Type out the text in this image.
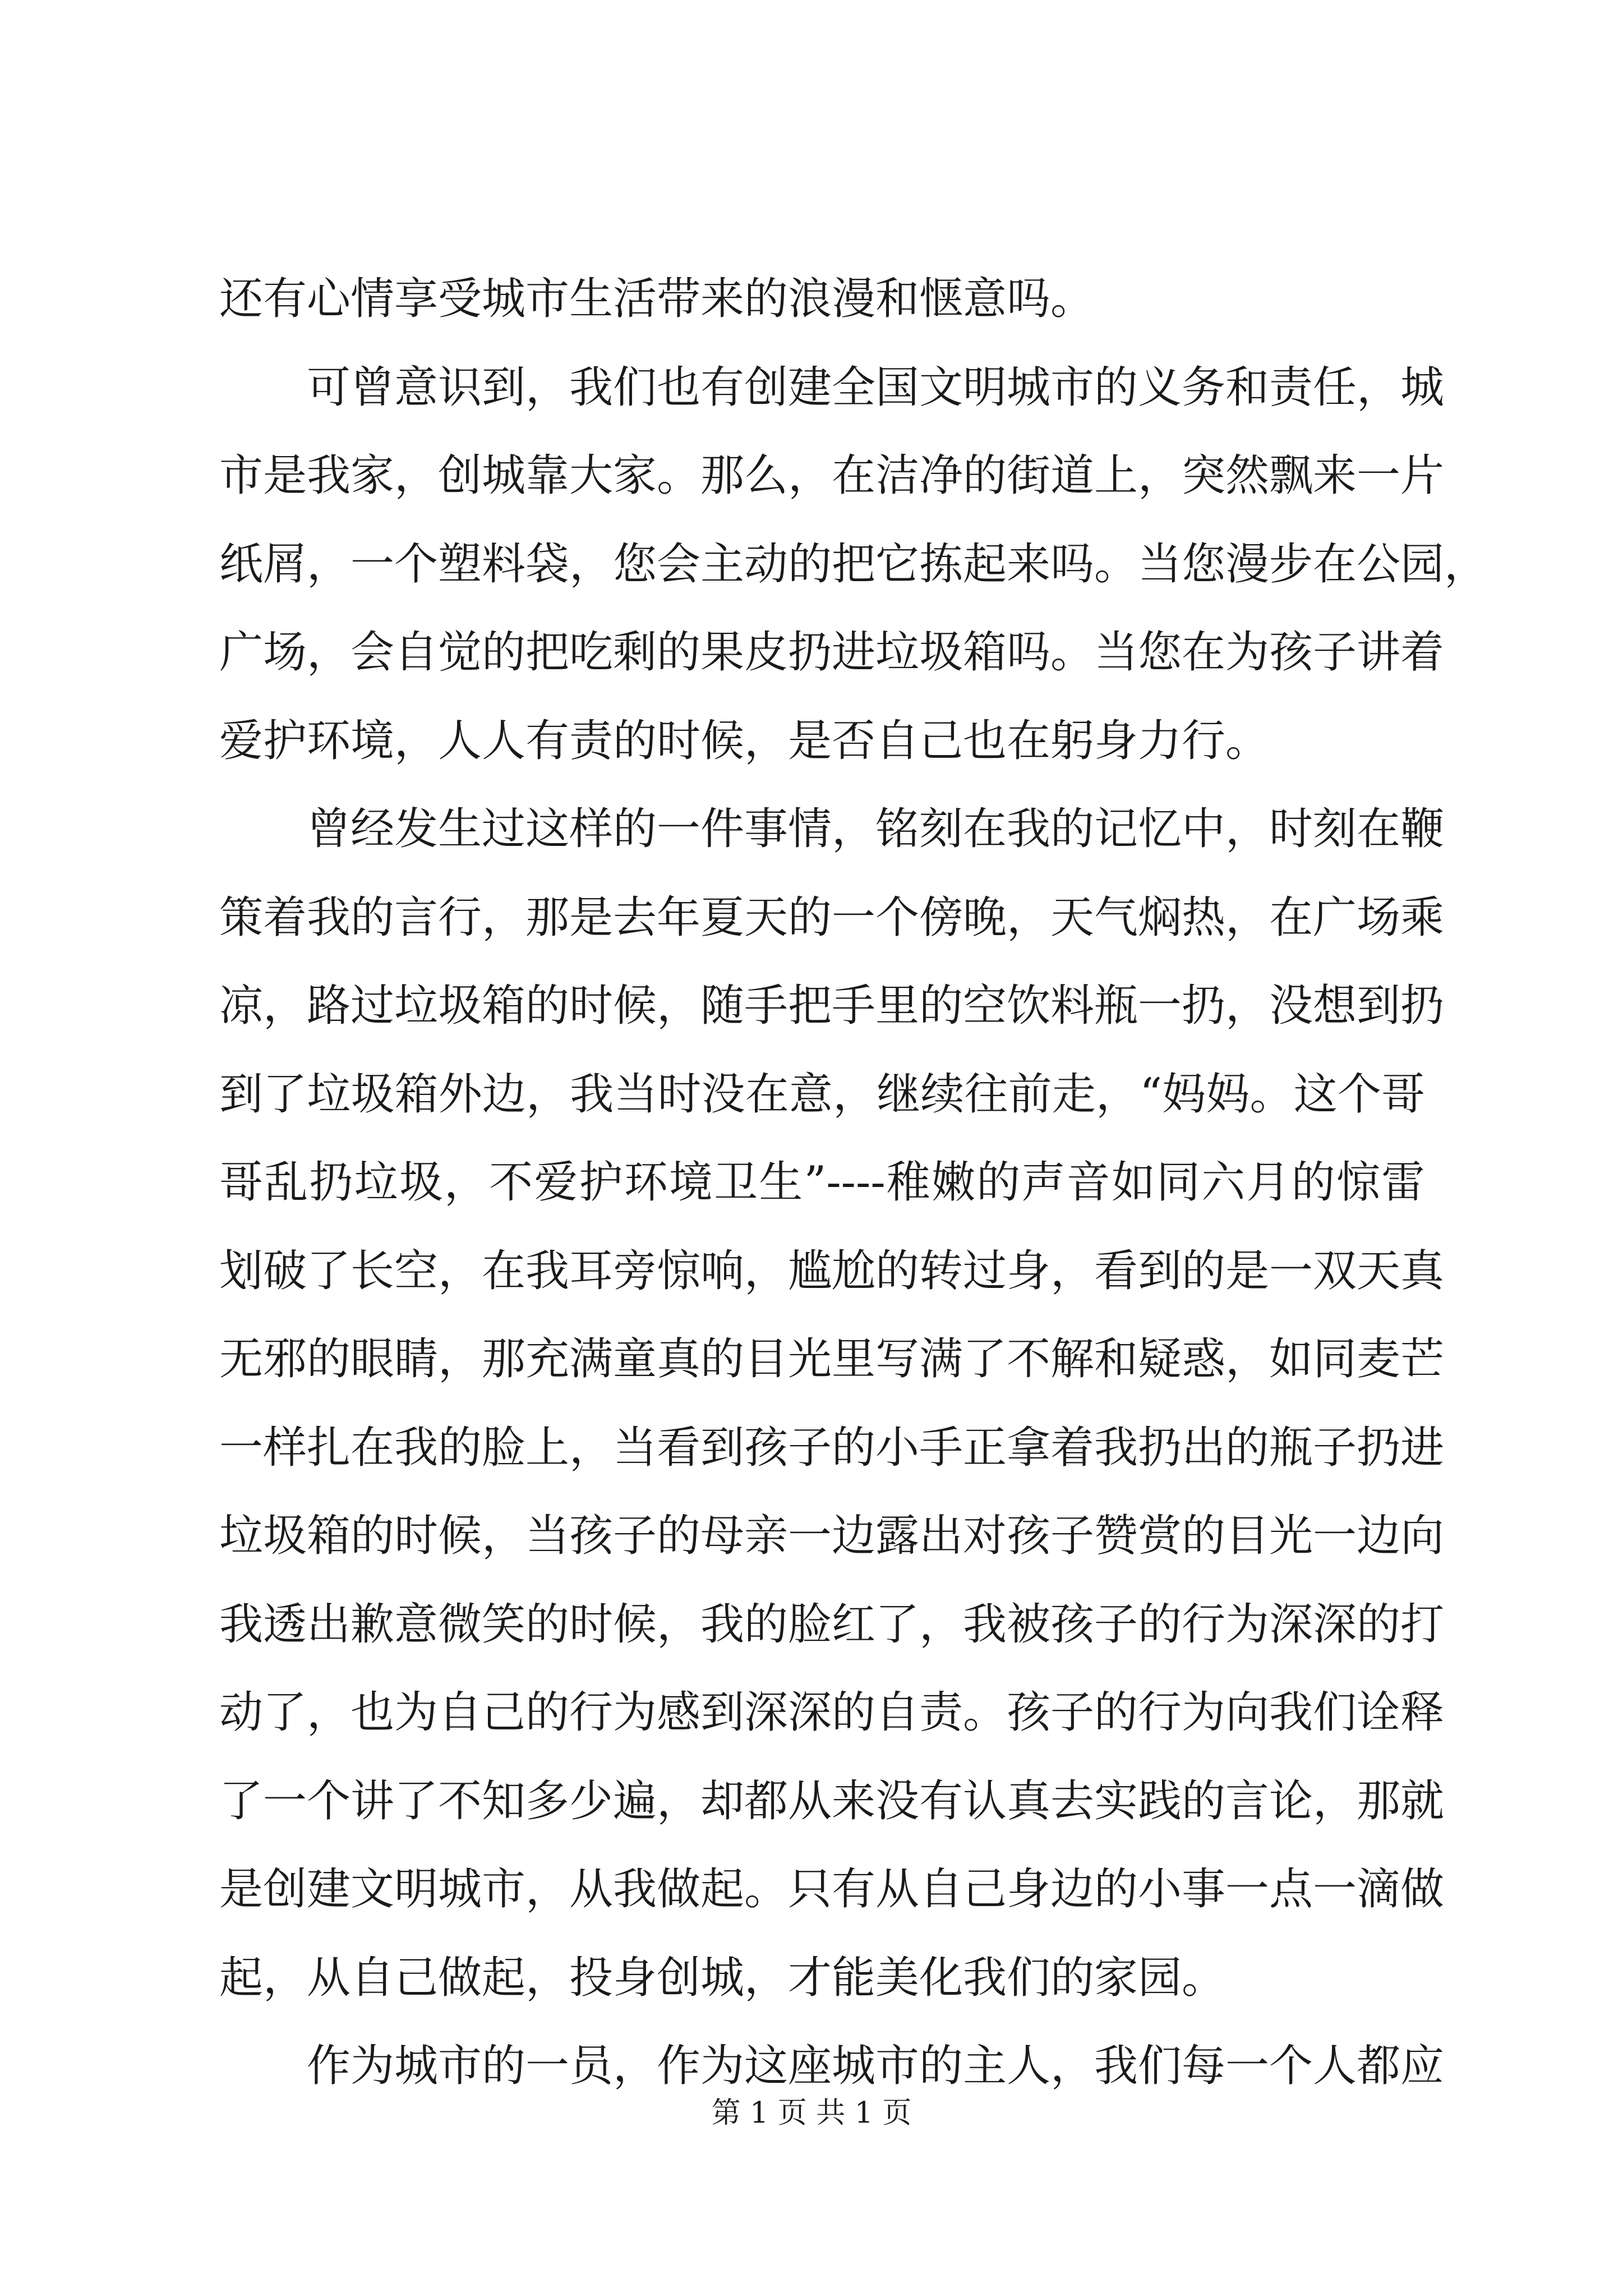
还有心情享受城市生活带来的浪漫和惬意吗。
可曾意识到，我们也有创建全国文明城市的义务和责任，城
市是我家，创城靠大家。那么，在洁净的街道上，突然飘来一片
纸屑，一个塑料袋，您会主动的把它拣起来吗。当您漫步在公园，
广场，会自觉的把吃剩的果皮扔进垃圾箱吗。当您在为孩子讲着
爱护环境，人人有责的时候，是否自己也在躬身力行。
曾经发生过这样的一件事情，铭刻在我的记忆中，时刻在鞭
策着我的言行，那是去年夏天的一个傍晚，天气焖热，在广场乘
凉，路过垃圾箱的时候，随手把手里的空饮料瓶一扔，没想到扔
到了垃圾箱外边，我当时没在意，继续往前走，“妈妈。这个哥
哥乱扔垃圾，不爱护环境卫生”----稚嫩的声音如同六月的惊雷
划破了长空，在我耳旁惊响，尴尬的转过身，看到的是一双天真
无邪的眼睛，那充满童真的目光里写满了不解和疑惑，如同麦芒
一样扎在我的脸上，当看到孩子的小手正拿着我扔出的瓶子扔进
垃圾箱的时候，当孩子的母亲一边露出对孩子赞赏的目光一边向
我透出歉意微笑的时候，我的脸红了，我被孩子的行为深深的打
动了，也为自己的行为感到深深的自责。孩子的行为向我们诠释
了一个讲了不知多少遍，却都从来没有认真去实践的言论，那就
是创建文明城市，从我做起。只有从自己身边的小事一点一滴做
起，从自己做起，投身创城，才能美化我们的家园。
作为城市的一员，作为这座城市的主人，我们每一个人都应
第 1 页 共 1 页
